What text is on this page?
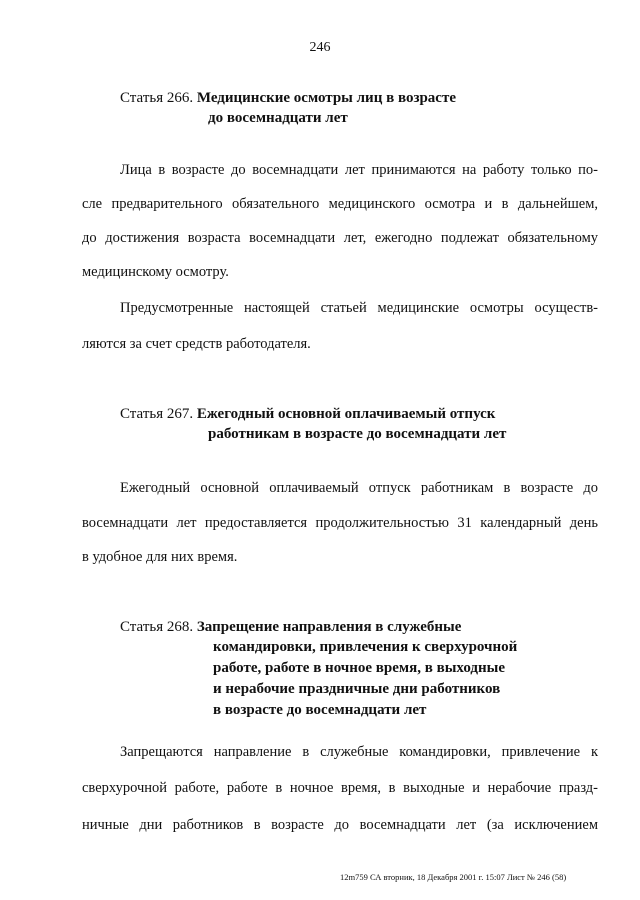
246
Статья 266. Медицинские осмотры лиц в возрасте
до восемнадцати лет
Лица в возрасте до восемнадцати лет принимаются на работу только по-
сле предварительного обязательного медицинского осмотра и в дальнейшем,
до достижения возраста восемнадцати лет, ежегодно подлежат обязательному
медицинскому осмотру.
Предусмотренные настоящей статьей медицинские осмотры осуществ-
ляются за счет средств работодателя.
Статья 267. Ежегодный основной оплачиваемый отпуск
работникам в возрасте до восемнадцати лет
Ежегодный основной оплачиваемый отпуск работникам в возрасте до
восемнадцати лет предоставляется продолжительностью 31 календарный день
в удобное для них время.
Статья 268. Запрещение направления в служебные
командировки, привлечения к сверхурочной
работе, работе в ночное время, в выходные
и нерабочие праздничные дни работников
в возрасте до восемнадцати лет
Запрещаются направление в служебные командировки, привлечение к
сверхурочной работе, работе в ночное время, в выходные и нерабочие празд-
ничные дни работников в возрасте до восемнадцати лет (за исключением
12m759 СА вторник, 18 Декабря 2001 г. 15:07 Лист № 246 (58)
